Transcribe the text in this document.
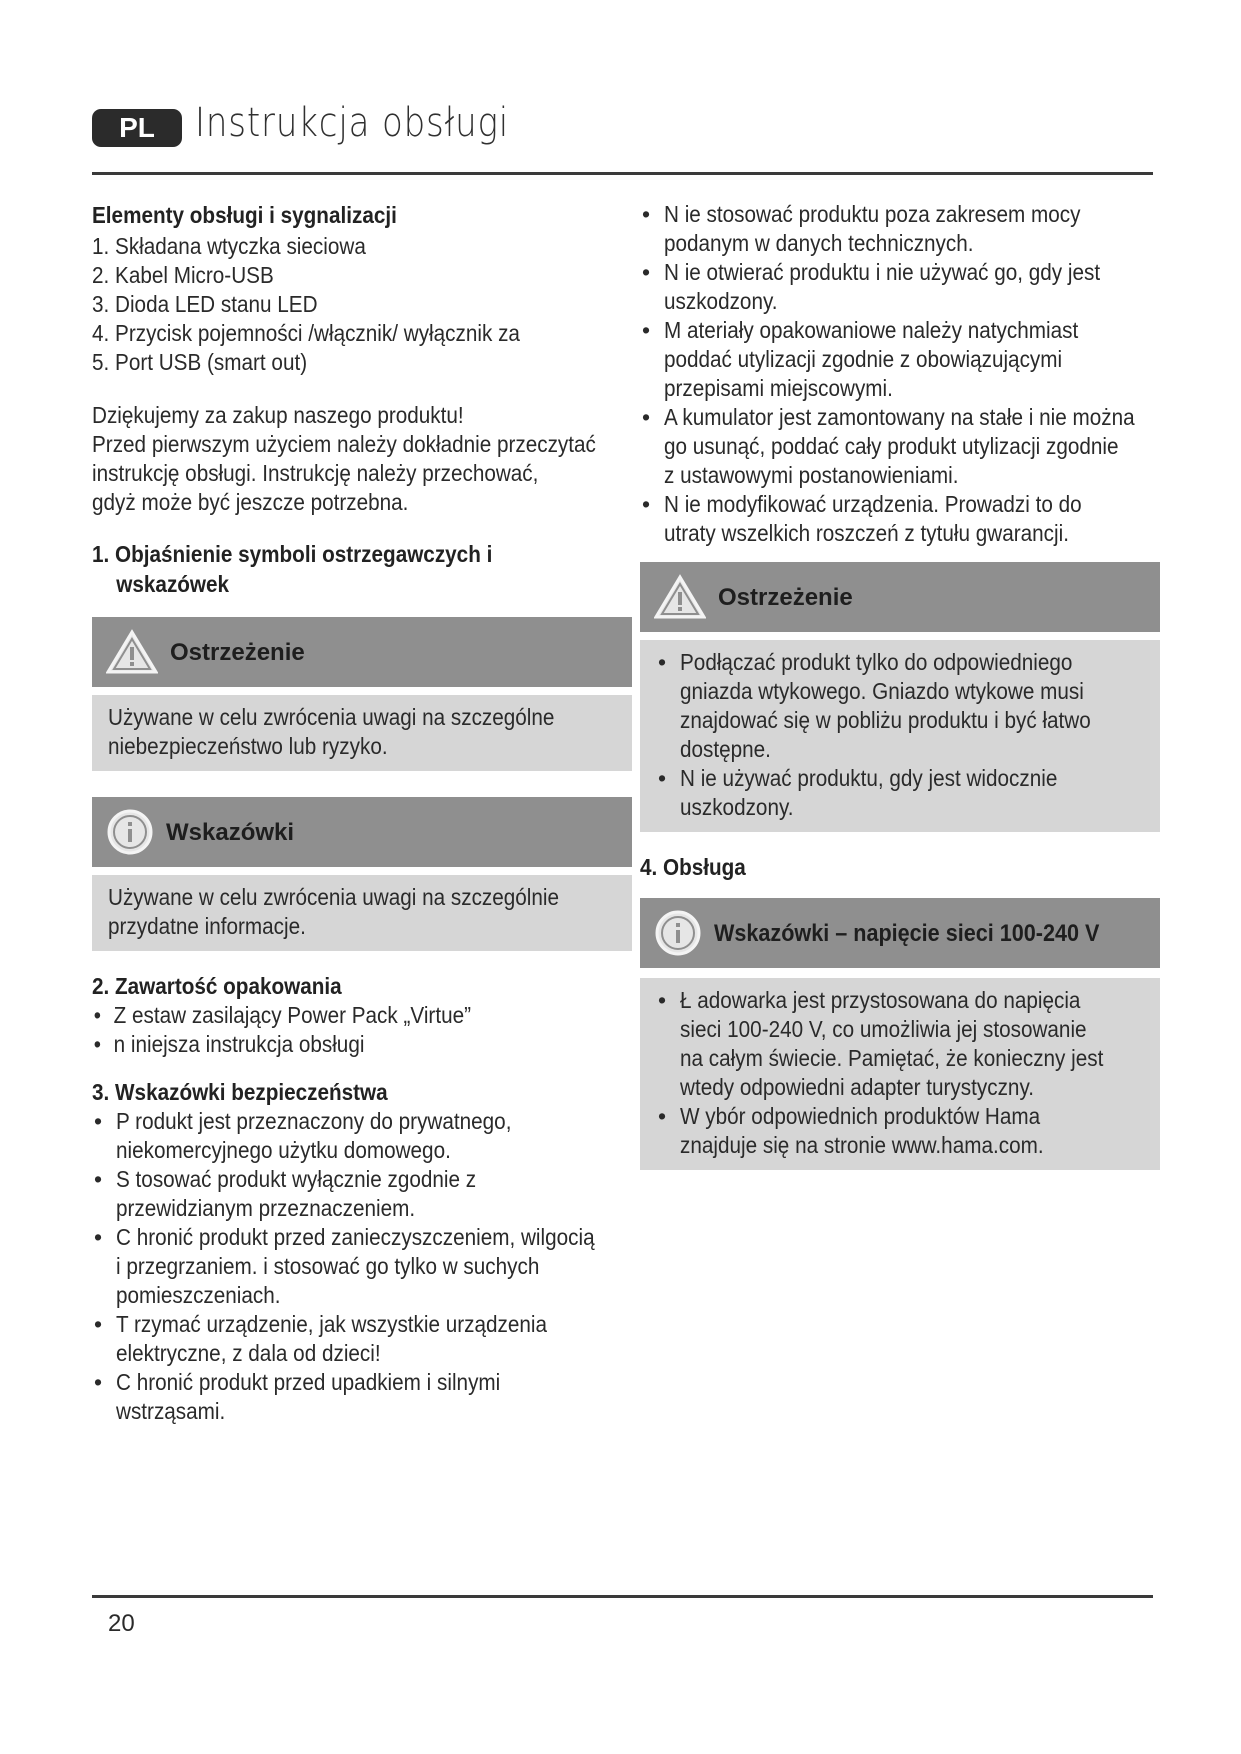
PL	Instrukcja obsługi
Elementy obsługi i sygnalizacji
1. Składana wtyczka sieciowa
2. Kabel Micro-USB
3. Dioda LED stanu LED
4. Przycisk pojemności /włącznik/ wyłącznik za
5. Port USB (smart out)
Dziękujemy za zakup naszego produktu!
Przed pierwszym użyciem należy dokładnie przeczytać
instrukcję obsługi. Instrukcję należy przechować,
gdyż może być jeszcze potrzebna.
1. Objaśnienie symboli ostrzegawczych i
wskazówek
Ostrzeżenie
Używane w celu zwrócenia uwagi na szczególne
niebezpieczeństwo lub ryzyko.
Wskazówki
Używane w celu zwrócenia uwagi na szczególnie
przydatne informacje.
2. Zawartość opakowania
• Z estaw zasilający Power Pack „Virtue”
• n iniejsza instrukcja obsługi
3. Wskazówki bezpieczeństwa
• P rodukt jest przeznaczony do prywatnego,
niekomercyjnego użytku domowego.
• S tosować produkt wyłącznie zgodnie z
przewidzianym przeznaczeniem.
• C hronić produkt przed zanieczyszczeniem, wilgocią
i przegrzaniem. i stosować go tylko w suchych
pomieszczeniach.
• T rzymać urządzenie, jak wszystkie urządzenia
elektryczne, z dala od dzieci!
• C hronić produkt przed upadkiem i silnymi
wstrząsami.
• N ie stosować produktu poza zakresem mocy
podanym w danych technicznych.
• N ie otwierać produktu i nie używać go, gdy jest
uszkodzony.
• M ateriały opakowaniowe należy natychmiast
poddać utylizacji zgodnie z obowiązującymi
przepisami miejscowymi.
• A kumulator jest zamontowany na stałe i nie można
go usunąć, poddać cały produkt utylizacji zgodnie
z ustawowymi postanowieniami.
• N ie modyfikować urządzenia. Prowadzi to do
utraty wszelkich roszczeń z tytułu gwarancji.
Ostrzeżenie
• Podłączać produkt tylko do odpowiedniego
gniazda wtykowego. Gniazdo wtykowe musi
znajdować się w pobliżu produktu i być łatwo
dostępne.
• N ie używać produktu, gdy jest widocznie
uszkodzony.
4. Obsługa
Wskazówki – napięcie sieci 100-240 V
• Ł adowarka jest przystosowana do napięcia
sieci 100-240 V, co umożliwia jej stosowanie
na całym świecie. Pamiętać, że konieczny jest
wtedy odpowiedni adapter turystyczny.
• W ybór odpowiednich produktów Hama
znajduje się na stronie www.hama.com.
20
